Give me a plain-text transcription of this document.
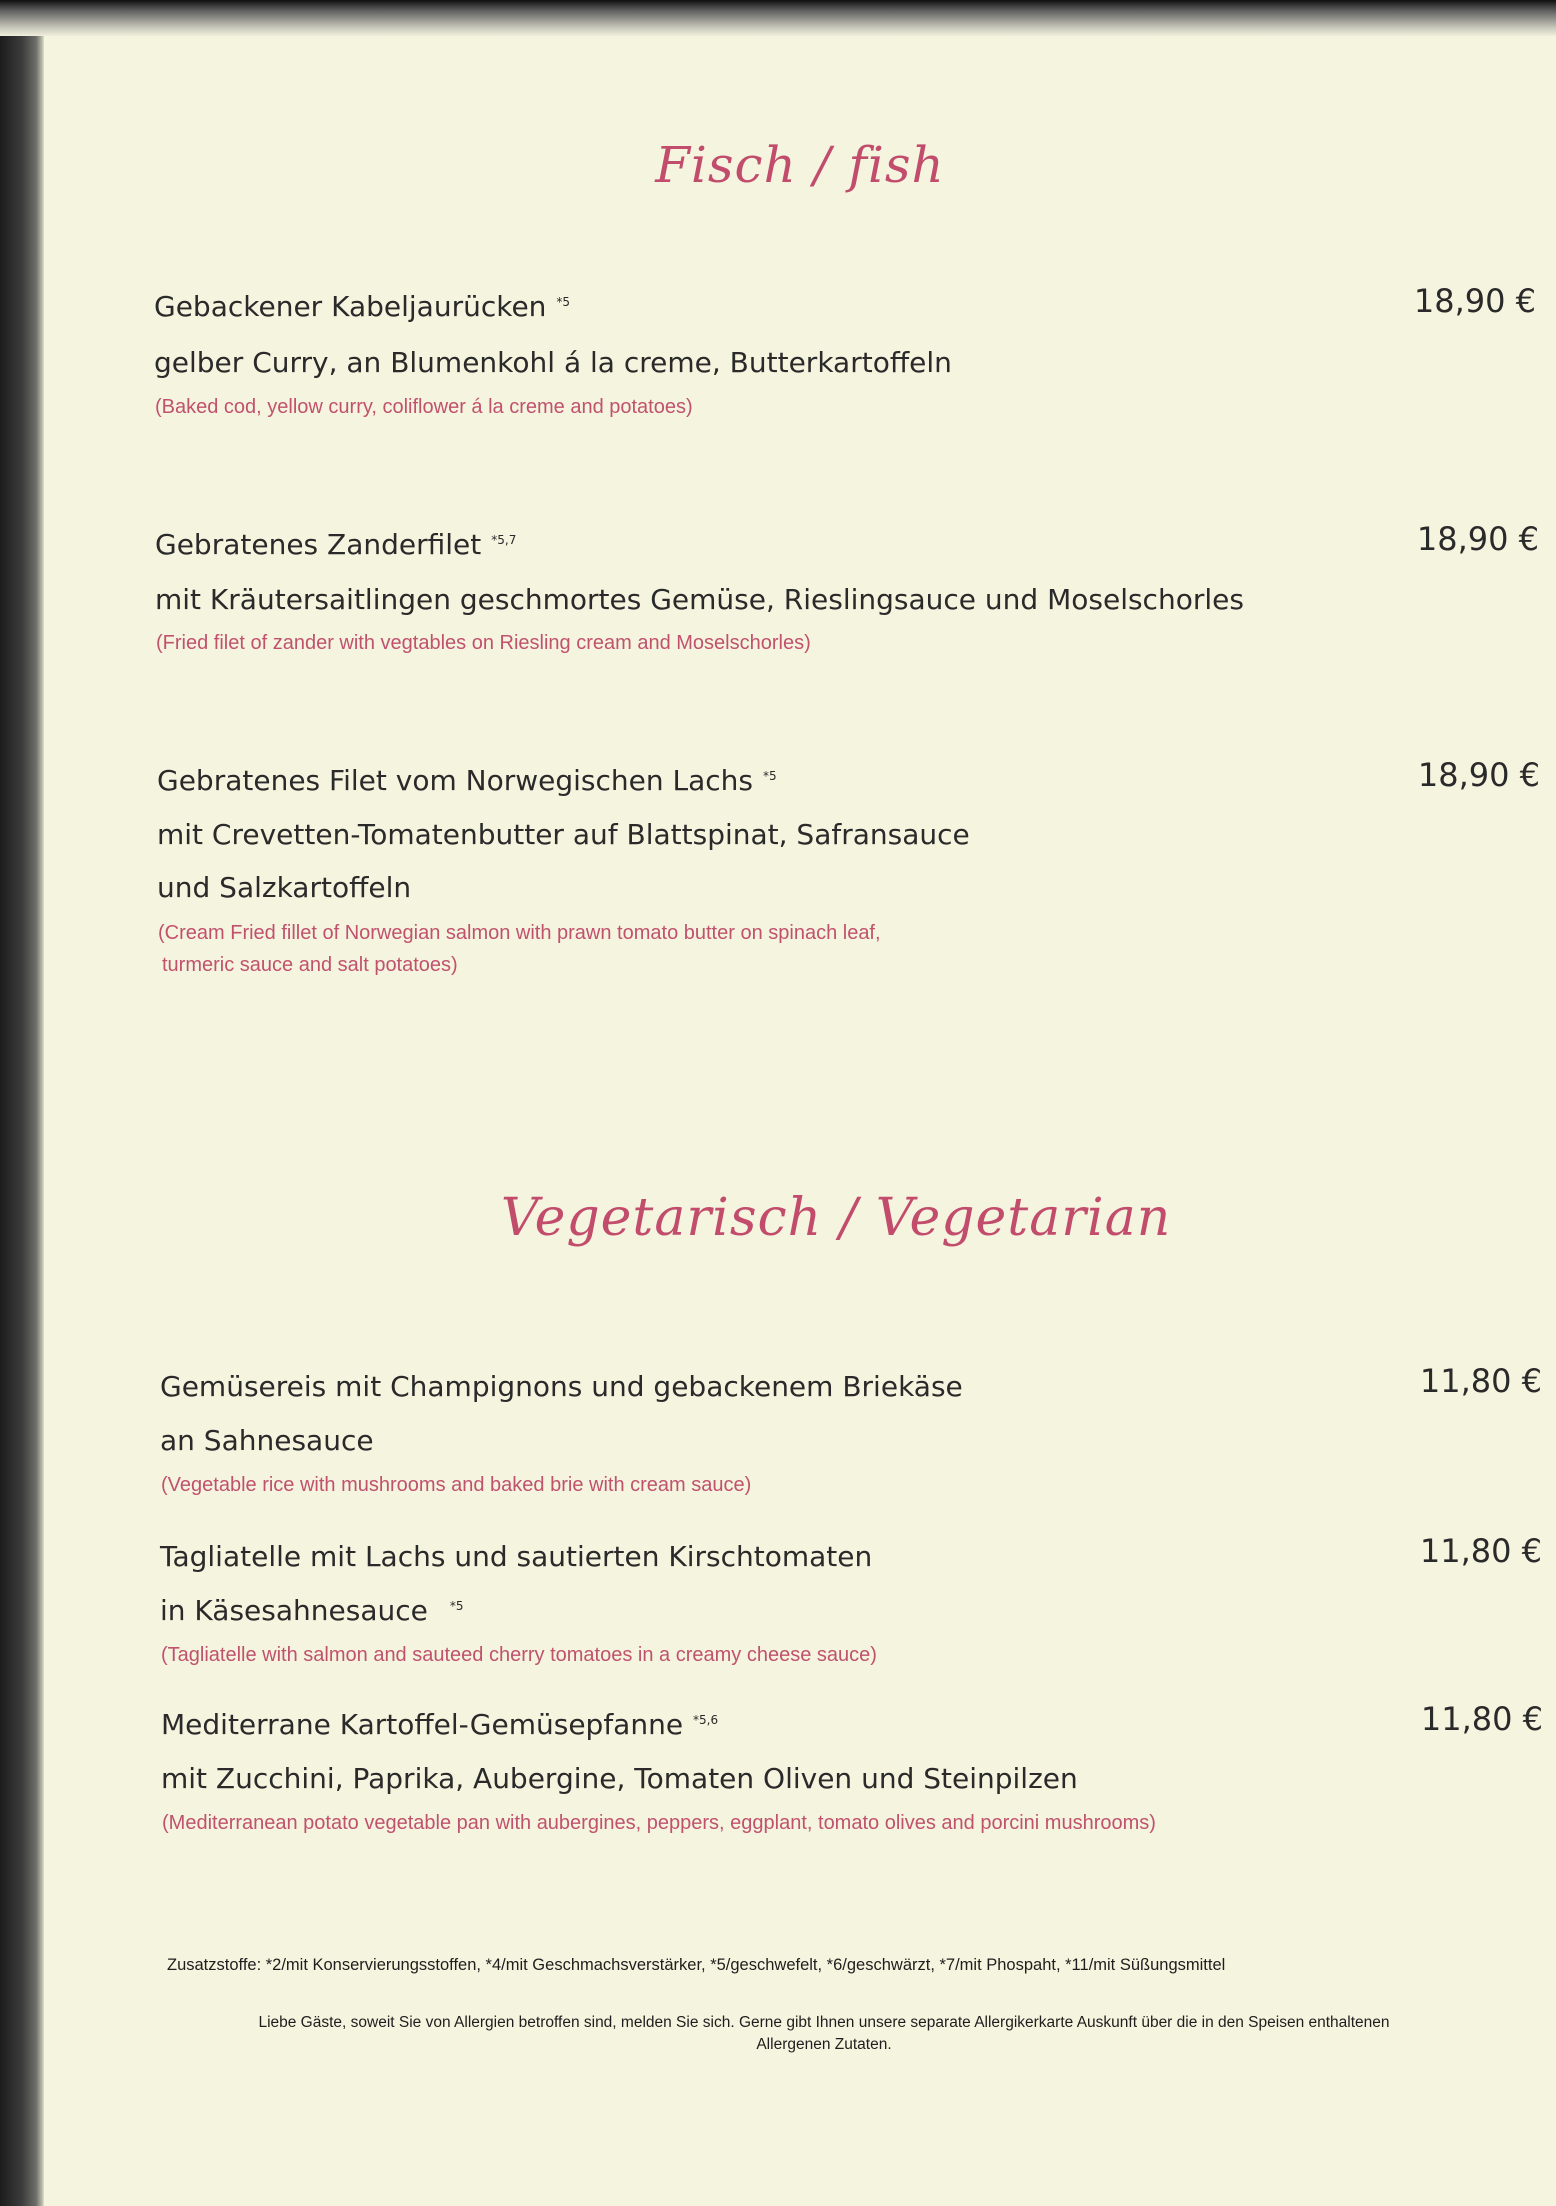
Fisch / fish
Gebackener Kabeljaurücken $^{*5}$
gelber Curry, an Blumenkohl á la creme, Butterkartoffeln
(Baked cod, yellow curry, coliflower á la creme and potatoes)
18,90 €
Gebratenes Zanderfilet $^{*5,7}$
mit Kräutersaitlingen geschmortes Gemüse, Rieslingsauce und Moselschorles
(Fried filet of zander with vegtables on Riesling cream and Moselschorles)
18,90 €
Gebratenes Filet vom Norwegischen Lachs $^{*5}$
mit Crevetten-Tomatenbutter auf Blattspinat, Safransauce
und Salzkartoffeln
(Cream Fried fillet of Norwegian salmon with prawn tomato butter on spinach leaf,
turmeric sauce and salt potatoes)
18,90 €
Vegetarisch / Vegetarian
Gemüsereis mit Champignons und gebackenem Briekäse
an Sahnesauce
(Vegetable rice with mushrooms and baked brie with cream sauce)
11,80 €
Tagliatelle mit Lachs und sautierten Kirschtomaten
in Käsesahnesauce $^{*5}$
(Tagliatelle with salmon and sauteed cherry tomatoes in a creamy cheese sauce)
11,80 €
Mediterrane Kartoffel-Gemüsepfanne $^{*5,6}$
mit Zucchini, Paprika, Aubergine, Tomaten Oliven und Steinpilzen
(Mediterranean potato vegetable pan with aubergines, peppers, eggplant, tomato olives and porcini mushrooms)
11,80 €
Zusatzstoffe: *2/mit Konservierungsstoffen, *4/mit Geschmachsverstärker, *5/geschwefelt, *6/geschwärzt, *7/mit Phospaht, *11/mit Süßungsmittel
Liebe Gäste, soweit Sie von Allergien betroffen sind, melden Sie sich. Gerne gibt Ihnen unsere separate Allergikerkarte Auskunft über die in den Speisen enthaltenen
Allergenen Zutaten.
